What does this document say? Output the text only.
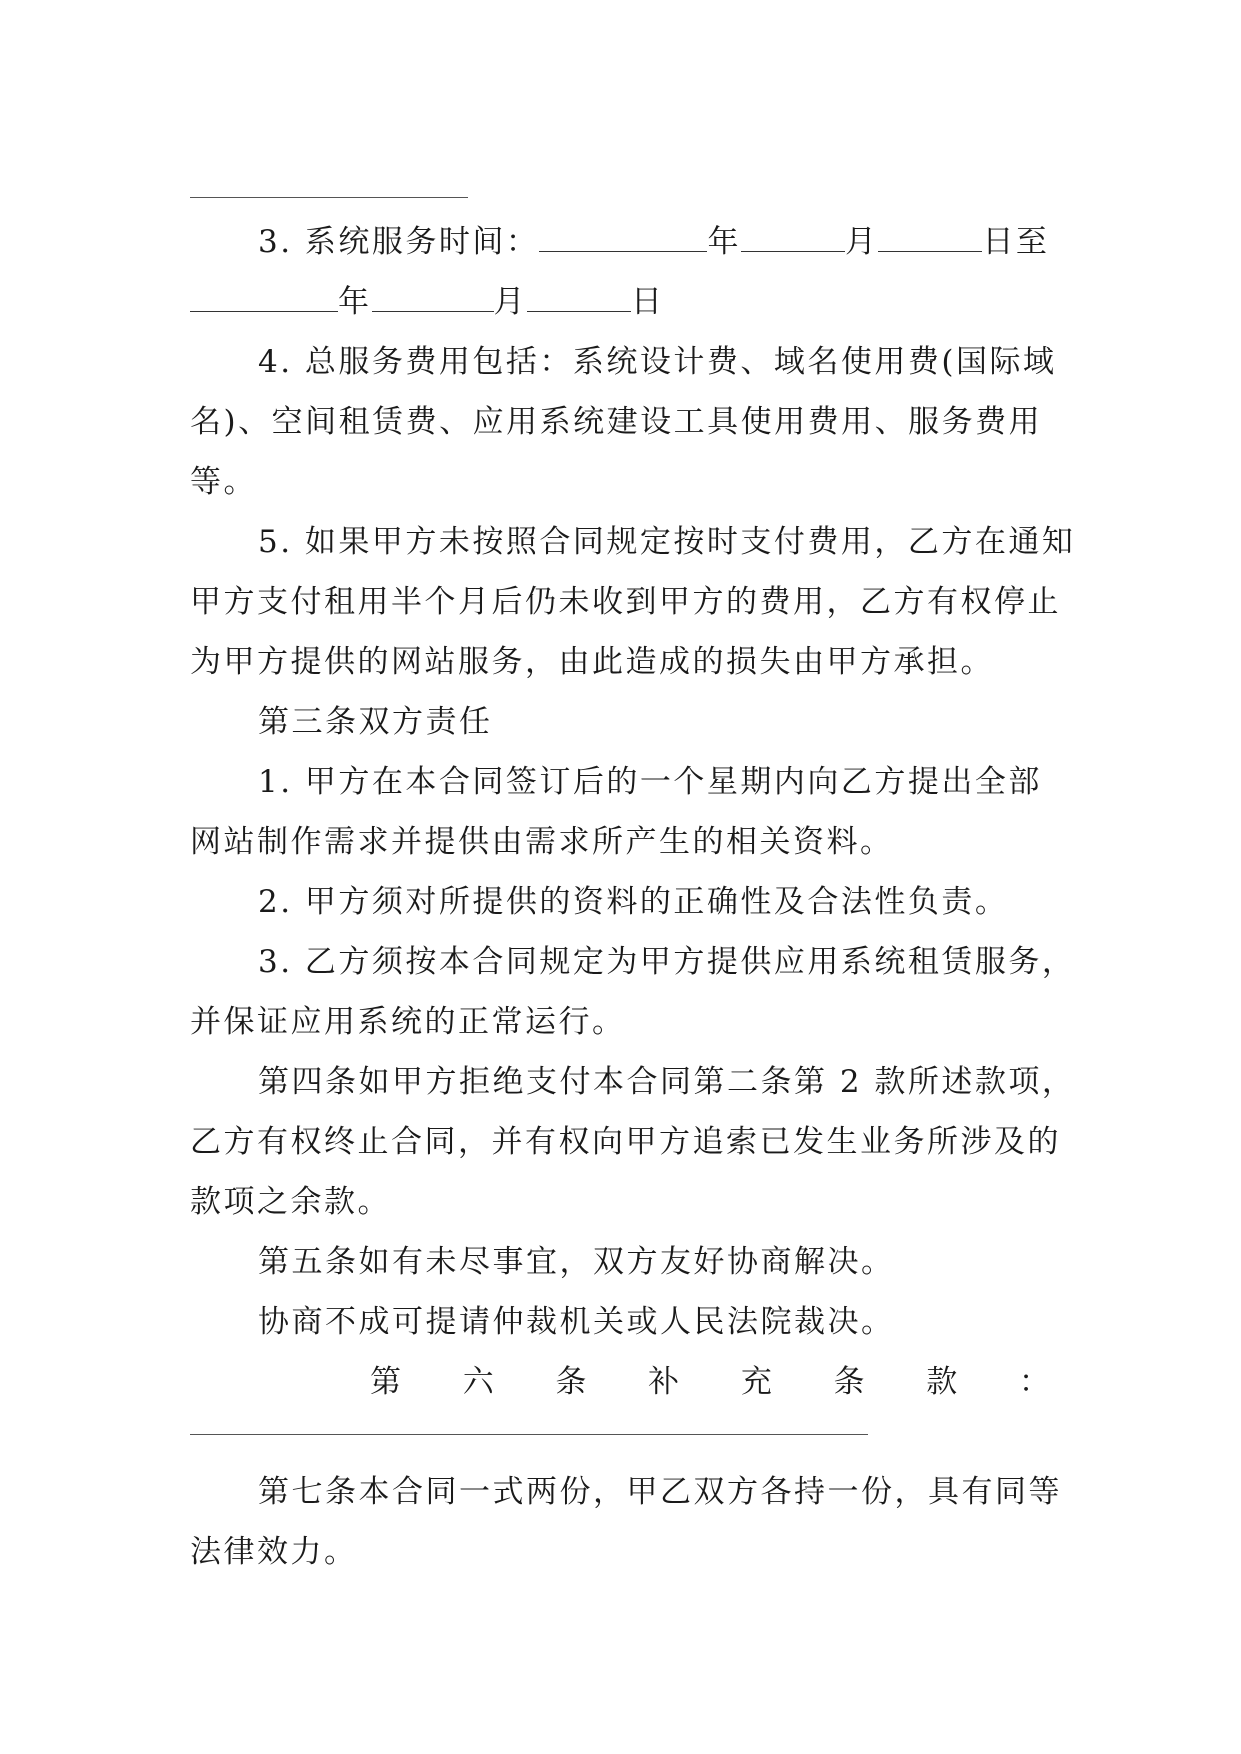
3. 系统服务时间：	年	月	日至
年	月	日
4. 总服务费用包括：系统设计费、域名使用费(国际域
名)、空间租赁费、应用系统建设工具使用费用、服务费用
等。
5. 如果甲方未按照合同规定按时支付费用，乙方在通知
甲方支付租用半个月后仍未收到甲方的费用，乙方有权停止
为甲方提供的网站服务，由此造成的损失由甲方承担。
第三条双方责任
1. 甲方在本合同签订后的一个星期内向乙方提出全部
网站制作需求并提供由需求所产生的相关资料。
2. 甲方须对所提供的资料的正确性及合法性负责。
3. 乙方须按本合同规定为甲方提供应用系统租赁服务，
并保证应用系统的正常运行。
第四条如甲方拒绝支付本合同第二条第 2 款所述款项，
乙方有权终止合同，并有权向甲方追索已发生业务所涉及的
款项之余款。
第五条如有未尽事宜，双方友好协商解决。
协商不成可提请仲裁机关或人民法院裁决。
第 六 条 补 充 条 款 ：
第七条本合同一式两份，甲乙双方各持一份，具有同等
法律效力。
